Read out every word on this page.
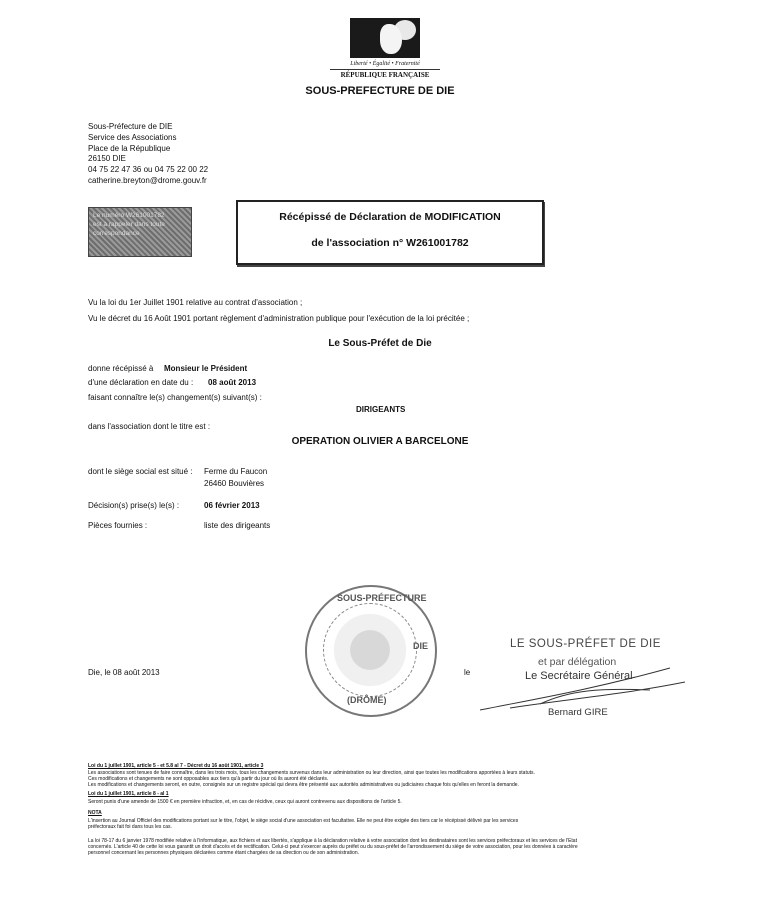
Liberté • Égalité • Fraternité
RÉPUBLIQUE FRANÇAISE
SOUS-PREFECTURE DE DIE
Sous-Préfecture de DIE
Service des Associations
Place de la République
26150 DIE
04 75 22 47 36 ou 04 75 22 00 22
catherine.breyton@drome.gouv.fr
Le numéro W261001782
est à rappeler dans toute
correspondance
Récépissé de Déclaration de MODIFICATION
de l'association n° W261001782
Vu la loi du 1er Juillet 1901 relative au contrat d'association ;
Vu le décret du 16 Août 1901 portant règlement d'administration publique pour l'exécution de la loi précitée ;
Le Sous-Préfet de Die
donne récépissé à Monsieur le Président
d'une déclaration en date du : 08 août 2013
faisant connaître le(s) changement(s) suivant(s) :
DIRIGEANTS
dans l'association dont le titre est :
OPERATION OLIVIER A BARCELONE
dont le siège social est situé : Ferme du Faucon
26460 Bouvières
Décision(s) prise(s) le(s) :	06 février 2013
Pièces fournies :	liste des dirigeants
SOUS-PRÉFECTURE
DIE
(DRÔME)
Die, le 08 août 2013	le
LE SOUS-PRÉFET DE DIE
et par délégation
Le Secrétaire Général
Bernard GIRE
Loi du 1 juillet 1901, article 5 - et 5.8 al 7 - Décret du 16 août 1901, article 3
Les associations sont tenues de faire connaître, dans les trois mois, tous les changements survenus dans leur administration ou leur direction, ainsi que toutes les modifications apportées à leurs statuts.
Ces modifications et changements ne sont opposables aux tiers qu'à partir du jour où ils auront été déclarés.
Les modifications et changements seront, en outre, consignés sur un registre spécial qui devra être présenté aux autorités administratives ou judiciaires chaque fois qu'elles en feront la demande.
Loi du 1 juillet 1901, article 8 - al 1
Seront punis d'une amende de 1500 € en première infraction, et, en cas de récidive, ceux qui auront contrevenu aux dispositions de l'article 5.
NOTA
L'insertion au Journal Officiel des modifications portant sur le titre, l'objet, le siège social d'une association est facultative. Elle ne peut être exigée des tiers car le récépissé délivré par les services
préfectoraux fait foi dans tous les cas.
La loi 78-17 du 6 janvier 1978 modifiée relative à l'informatique, aux fichiers et aux libertés, s'applique à la déclaration relative à votre association dont les destinataires sont les services préfectoraux et les services de l'Etat
concernés. L'article 40 de cette loi vous garantit un droit d'accès et de rectification. Celui-ci peut s'exercer auprès du préfet ou du sous-préfet de l'arrondissement du siège de votre association, pour les données à caractère
personnel concernant les personnes physiques déclarées comme étant chargées de sa direction ou de son administration.
